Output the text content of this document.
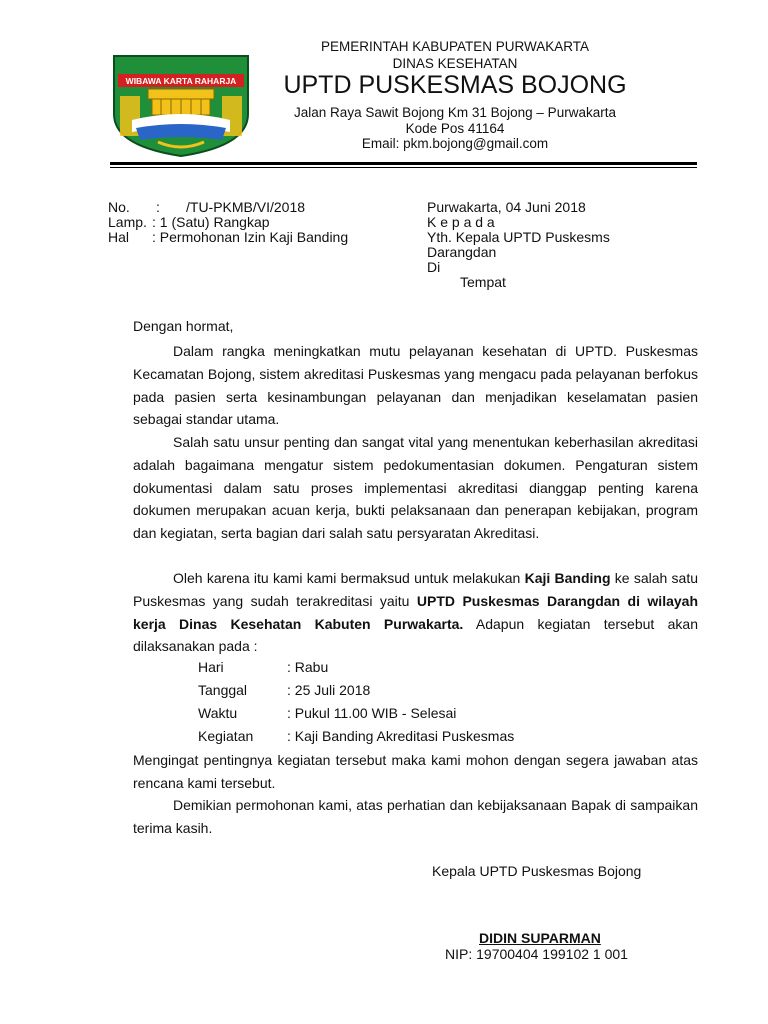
WIBAWA KARTA RAHARJA
PEMERINTAH KABUPATEN PURWAKARTA
DINAS KESEHATAN
UPTD PUSKESMAS BOJONG
Jalan Raya Sawit Bojong Km 31 Bojong – Purwakarta
Kode Pos 41164
Email: pkm.bojong@gmail.com
No. : /TU-PKMB/VI/2018
Lamp. : 1 (Satu) Rangkap
Hal : Permohonan Izin Kaji Banding
Purwakarta, 04 Juni 2018
K e p a d a
Yth. Kepala UPTD Puskesms
Darangdan
Di
Tempat
Dengan hormat,

Dalam rangka meningkatkan mutu pelayanan kesehatan di UPTD. Puskesmas Kecamatan Bojong, sistem akreditasi Puskesmas yang mengacu pada pelayanan berfokus pada pasien serta kesinambungan pelayanan dan menjadikan keselamatan pasien sebagai standar utama.

Salah satu unsur penting dan sangat vital yang menentukan keberhasilan akreditasi adalah bagaimana mengatur sistem pedokumentasian dokumen. Pengaturan sistem dokumentasi dalam satu proses implementasi akreditasi dianggap penting karena dokumen merupakan acuan kerja, bukti pelaksanaan dan penerapan kebijakan, program dan kegiatan, serta bagian dari salah satu persyaratan Akreditasi.

Oleh karena itu kami kami bermaksud untuk melakukan Kaji Banding ke salah satu Puskesmas yang sudah terakreditasi yaitu UPTD Puskesmas Darangdan di wilayah kerja Dinas Kesehatan Kabuten Purwakarta. Adapun kegiatan tersebut akan dilaksanakan pada :

Hari	: Rabu
Tanggal	: 25 Juli 2018
Waktu	: Pukul 11.00 WIB - Selesai
Kegiatan : Kaji Banding Akreditasi Puskesmas

Mengingat pentingnya kegiatan tersebut maka kami mohon dengan segera jawaban atas rencana kami tersebut.

Demikian permohonan kami, atas perhatian dan kebijaksanaan Bapak di sampaikan terima kasih.

Kepala UPTD Puskesmas Bojong
DIDIN SUPARMAN
NIP: 19700404 199102 1 001
